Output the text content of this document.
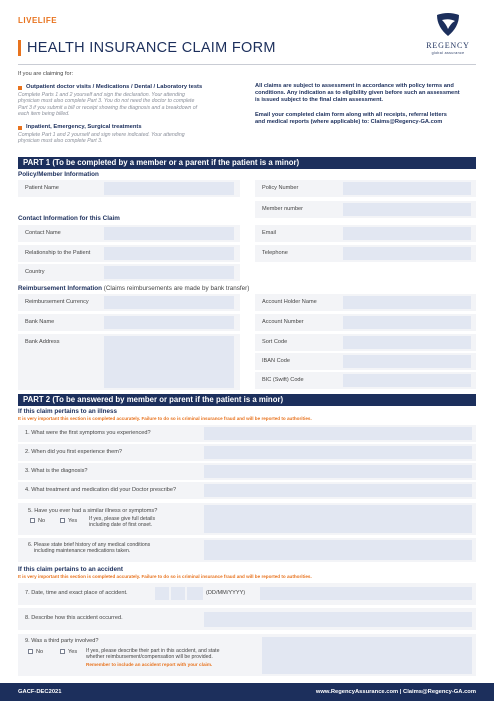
LIVELIFE
HEALTH INSURANCE CLAIM FORM	REGENCY
global assurance
If you are claiming for:
Outpatient doctor visits / Medications / Dental / Laboratory tests
Complete Parts 1 and 2 yourself and sign the declaration. Your attending
physician must also complete Part 3. You do not need the doctor to complete
Part 3 if you submit a bill or receipt showing the diagnosis and a breakdown of
each item being billed.
Inpatient, Emergency, Surgical treatments
Complete Part 1 and 2 yourself and sign where indicated. Your attending
physician must also complete Part 3.
All claims are subject to assessment in accordance with policy terms and
conditions. Any indication as to eligibility given before such an assessment
is issued subject to the final claim assessment.
Email your completed claim form along with all receipts, referral letters
and medical reports (where applicable) to: Claims@Regency-GA.com
PART 1 (To be completed by a member or a parent if the patient is a minor)
Policy/Member Information
Patient Name	Policy Number
Member number
Contact Information for this Claim
Contact Name	Email
Relationship to the Patient	Telephone
Country
Reimbursement Information (Claims reimbursements are made by bank transfer)
Reimbursement Currency	Account Holder Name
Bank Name	Account Number
Bank Address	Sort Code
IBAN Code
BIC (Swift) Code
PART 2 (To be answered by member or parent if the patient is a minor)
If this claim pertains to an illness
It is very important this section is completed accurately. Failure to do so is criminal insurance fraud and will be reported to authorities.
1. What were the first symptoms you experienced?
2. When did you first experience them?
3. What is the diagnosis?
4. What treatment and medication did your Doctor prescribe?
5. Have you ever had a similar illness or symptoms?
No	Yes If yes, please give full details
including date of first onset.
6. Please state brief history of any medical conditions
including maintenance medications taken.
If this claim pertains to an accident
It is very important this section is completed accurately. Failure to do so is criminal insurance fraud and will be reported to authorities.
7. Date, time and exact place of accident.	(DD/MM/YYYY)
8. Describe how this accident occurred.
9. Was a third party involved?
No	Yes If yes, please describe their part in this accident, and state
whether reimbursement/compensation will be provided.
Remember to include an accident report with your claim.
GACF-DEC2021	www.RegencyAssurance.com | Claims@Regency-GA.com
